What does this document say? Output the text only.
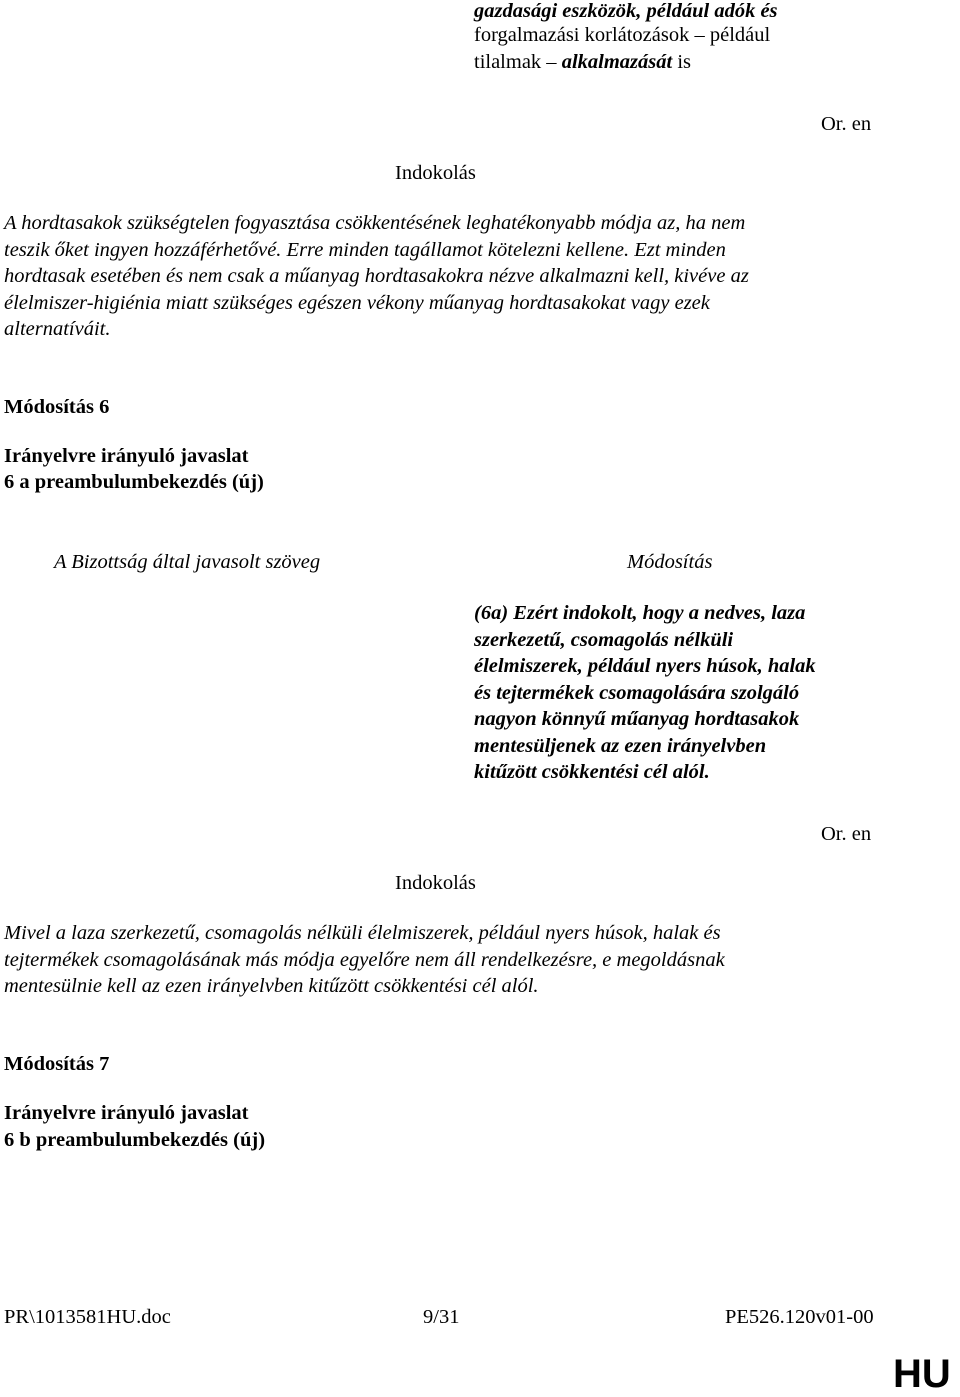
gazdasági eszközök, például adók és
forgalmazási korlátozások – például
tilalmak – alkalmazását is
Or. en
Indokolás
A hordtasakok szükségtelen fogyasztása csökkentésének leghatékonyabb módja az, ha nem
teszik őket ingyen hozzáférhetővé. Erre minden tagállamot kötelezni kellene. Ezt minden
hordtasak esetében és nem csak a műanyag hordtasakokra nézve alkalmazni kell, kivéve az
élelmiszer-higiénia miatt szükséges egészen vékony műanyag hordtasakokat vagy ezek
alternatíváit.
Módosítás 6
Irányelvre irányuló javaslat
6 a preambulumbekezdés (új)
A Bizottság által javasolt szöveg	Módosítás
(6a) Ezért indokolt, hogy a nedves, laza
szerkezetű, csomagolás nélküli
élelmiszerek, például nyers húsok, halak
és tejtermékek csomagolására szolgáló
nagyon könnyű műanyag hordtasakok
mentesüljenek az ezen irányelvben
kitűzött csökkentési cél alól.
Or. en
Indokolás
Mivel a laza szerkezetű, csomagolás nélküli élelmiszerek, például nyers húsok, halak és
tejtermékek csomagolásának más módja egyelőre nem áll rendelkezésre, e megoldásnak
mentesülnie kell az ezen irányelvben kitűzött csökkentési cél alól.
Módosítás 7
Irányelvre irányuló javaslat
6 b preambulumbekezdés (új)
PR\1013581HU.doc	9/31	PE526.120v01-00
HU
